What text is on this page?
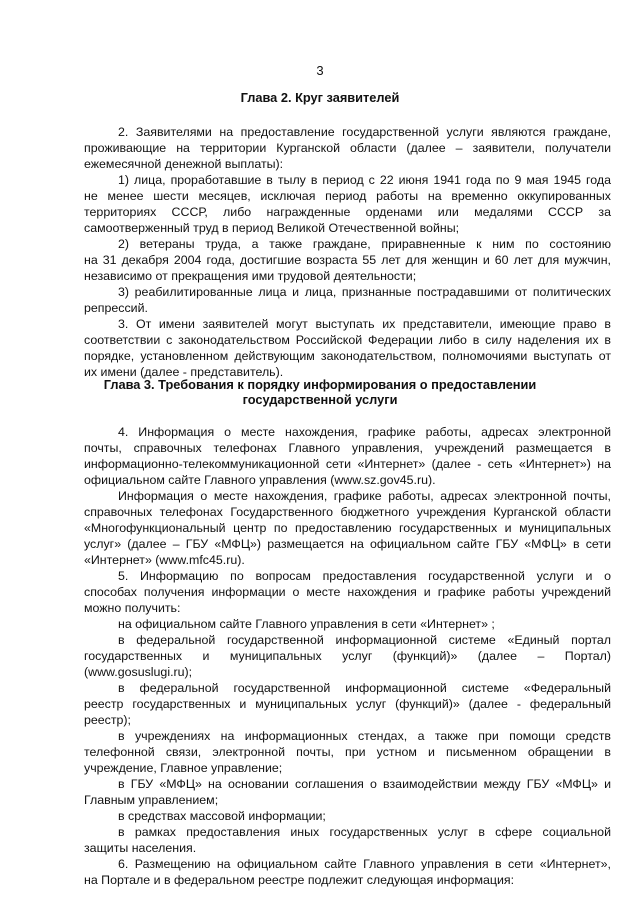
3
Глава 2. Круг заявителей
2. Заявителями на предоставление государственной услуги являются граждане,
проживающие на территории Курганской области (далее – заявители, получатели
ежемесячной денежной выплаты):
1) лица, проработавшие в тылу в период с 22 июня 1941 года по 9 мая 1945 года
не менее шести месяцев, исключая период работы на временно оккупированных
территориях СССР, либо награжденные орденами или медалями СССР за
самоотверженный труд в период Великой Отечественной войны;
2) ветераны труда, а также граждане, приравненные к ним по состоянию
на 31 декабря 2004 года, достигшие возраста 55 лет для женщин и 60 лет для мужчин,
независимо от прекращения ими трудовой деятельности;
3) реабилитированные лица и лица, признанные пострадавшими от политических
репрессий.
3. От имени заявителей могут выступать их представители, имеющие право в
соответствии с законодательством Российской Федерации либо в силу наделения их в
порядке, установленном действующим законодательством, полномочиями выступать от
их имени (далее - представитель).
Глава 3. Требования к порядку информирования о предоставлении
государственной услуги
4. Информация о месте нахождения, графике работы, адресах электронной
почты, справочных телефонах Главного управления, учреждений размещается в
информационно-телекоммуникационной сети «Интернет» (далее - сеть «Интернет») на
официальном сайте Главного управления (www.sz.gov45.ru).
Информация о месте нахождения, графике работы, адресах электронной почты,
справочных телефонах Государственного бюджетного учреждения Курганской области
«Многофункциональный центр по предоставлению государственных и муниципальных
услуг» (далее – ГБУ «МФЦ») размещается на официальном сайте ГБУ «МФЦ» в сети
«Интернет» (www.mfc45.ru).
5. Информацию по вопросам предоставления государственной услуги и о
способах получения информации о месте нахождения и графике работы учреждений
можно получить:
на официальном сайте Главного управления в сети «Интернет» ;
в федеральной государственной информационной системе «Единый портал
государственных и муниципальных услуг (функций)» (далее – Портал)
(www.gosuslugi.ru);
в федеральной государственной информационной системе «Федеральный
реестр государственных и муниципальных услуг (функций)» (далее - федеральный
реестр);
в учреждениях на информационных стендах, а также при помощи средств
телефонной связи, электронной почты, при устном и письменном обращении в
учреждение, Главное управление;
в ГБУ «МФЦ» на основании соглашения о взаимодействии между ГБУ «МФЦ» и
Главным управлением;
в средствах массовой информации;
в рамках предоставления иных государственных услуг в сфере социальной
защиты населения.
6. Размещению на официальном сайте Главного управления в сети «Интернет»,
на Портале и в федеральном реестре подлежит следующая информация:
